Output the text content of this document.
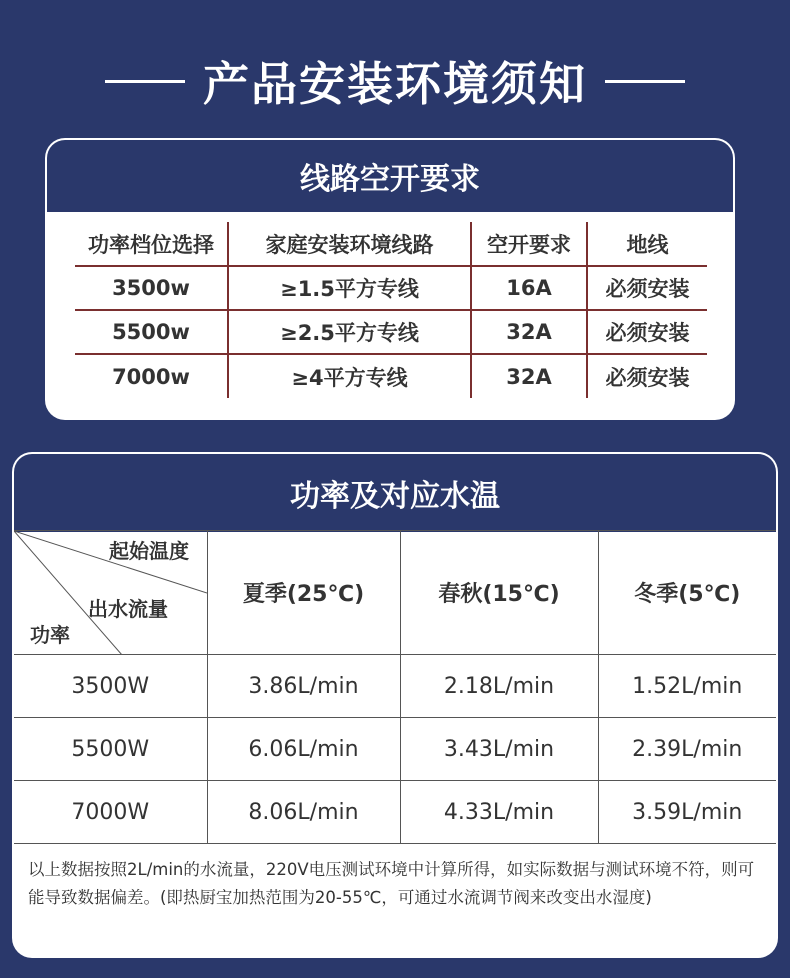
产品安装环境须知
线路空开要求
功率档位选择	家庭安装环境线路	空开要求	地线
3500w	≥1.5平方专线	16A	必须安装
5500w	≥2.5平方专线	32A	必须安装
7000w	≥4平方专线	32A	必须安装
功率及对应水温
起始温度
出水流量
功率	夏季(25℃)	春秋(15℃)	冬季(5℃)
3500W	3.86L/min	2.18L/min	1.52L/min
5500W	6.06L/min	3.43L/min	2.39L/min
7000W	8.06L/min	4.33L/min	3.59L/min
以上数据按照2L/min的水流量，220V电压测试环境中计算所得，如实际数据与测试环境不符，则可能导致数据偏差。(即热厨宝加热范围为20-55℃，可通过水流调节阀来改变出水湿度)
